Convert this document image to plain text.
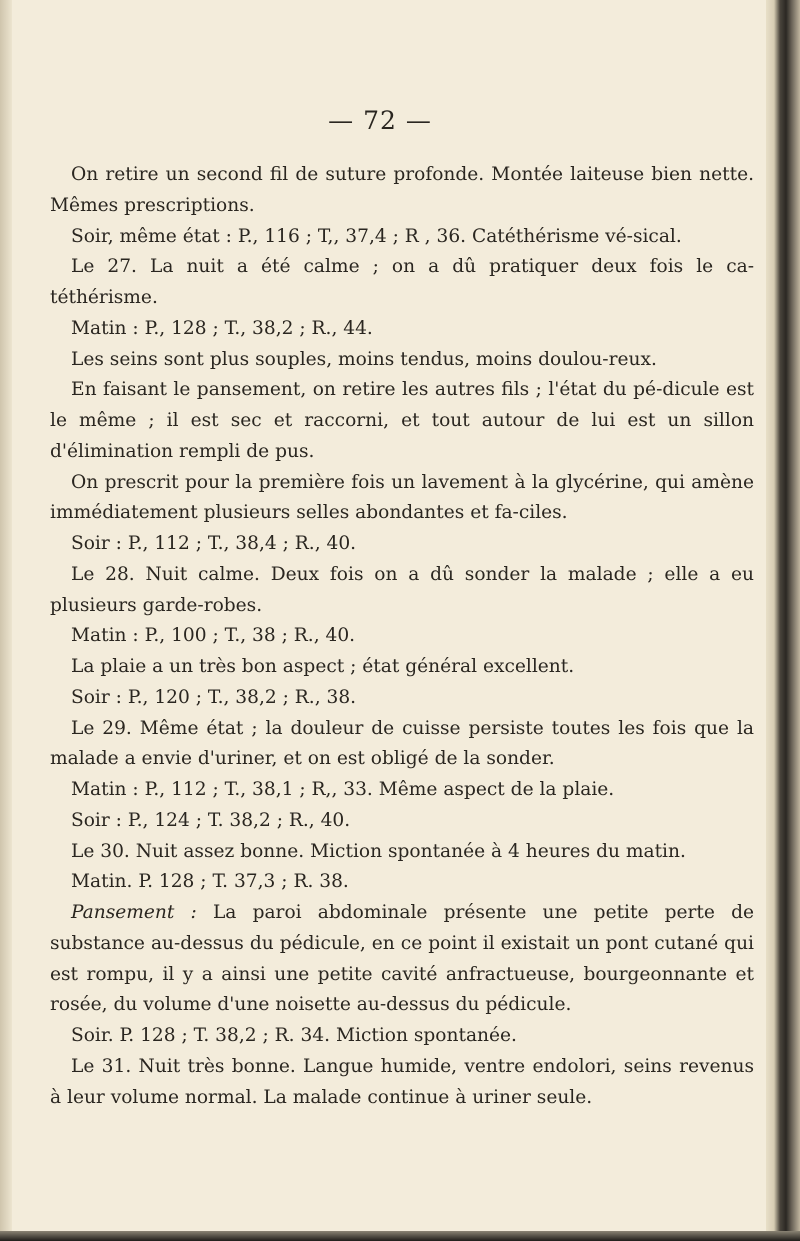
— 72 —

On retire un second fil de suture profonde. Montée laiteuse bien nette. Mêmes prescriptions.

Soir, même état : P., 116 ; T,, 37,4 ; R , 36. Catéthérisme vé-sical.

Le 27. La nuit a été calme ; on a dû pratiquer deux fois le ca-téthérisme.

Matin : P., 128 ; T., 38,2 ; R., 44.

Les seins sont plus souples, moins tendus, moins doulou-reux.

En faisant le pansement, on retire les autres fils ; l'état du pé-dicule est le même ; il est sec et raccorni, et tout autour de lui est un sillon d'élimination rempli de pus.

On prescrit pour la première fois un lavement à la glycérine, qui amène immédiatement plusieurs selles abondantes et fa-ciles.

Soir : P., 112 ; T., 38,4 ; R., 40.

Le 28. Nuit calme. Deux fois on a dû sonder la malade ; elle a eu plusieurs garde-robes.

Matin : P., 100 ; T., 38 ; R., 40.

La plaie a un très bon aspect ; état général excellent.

Soir : P., 120 ; T., 38,2 ; R., 38.

Le 29. Même état ; la douleur de cuisse persiste toutes les fois que la malade a envie d'uriner, et on est obligé de la sonder.

Matin : P., 112 ; T., 38,1 ; R,, 33. Même aspect de la plaie.

Soir : P., 124 ; T. 38,2 ; R., 40.

Le 30. Nuit assez bonne. Miction spontanée à 4 heures du matin.

Matin. P. 128 ; T. 37,3 ; R. 38.

Pansement : La paroi abdominale présente une petite perte de substance au-dessus du pédicule, en ce point il existait un pont cutané qui est rompu, il y a ainsi une petite cavité anfractueuse, bourgeonnante et rosée, du volume d'une noisette au-dessus du pédicule.

Soir. P. 128 ; T. 38,2 ; R. 34. Miction spontanée.

Le 31. Nuit très bonne. Langue humide, ventre endolori, seins revenus à leur volume normal. La malade continue à uriner seule.
